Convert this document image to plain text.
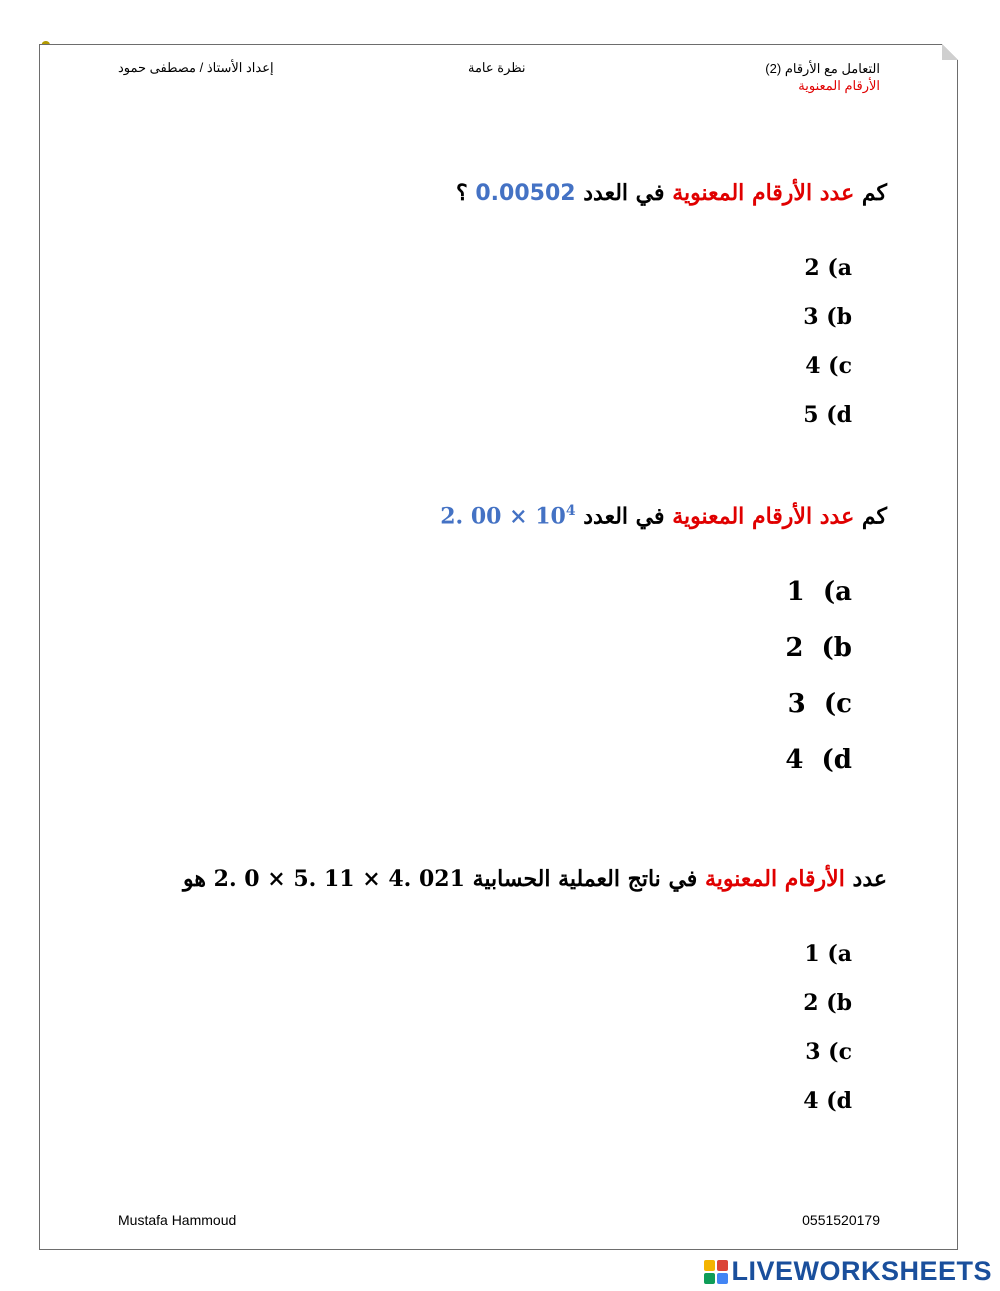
التعامل مع الأرقام (2)
الأرقام المعنوية
نظرة عامة
إعداد الأستاذ / مصطفى حمود
كم عدد الأرقام المعنوية في العدد 0.00502 ؟
2 (a
3 (b
4 (c
5 (d
كم عدد الأرقام المعنوية في العدد 2. $00 \times 10^4$
1  (a
2  (b
3  (c
4  (d
عدد الأرقام المعنوية في ناتج العملية الحسابية 2. 0 × 5. 11 × 4. 021 هو
1 (a
2 (b
3 (c
4 (d
Mustafa Hammoud	0551520179
LIVEWORKSHEETS
